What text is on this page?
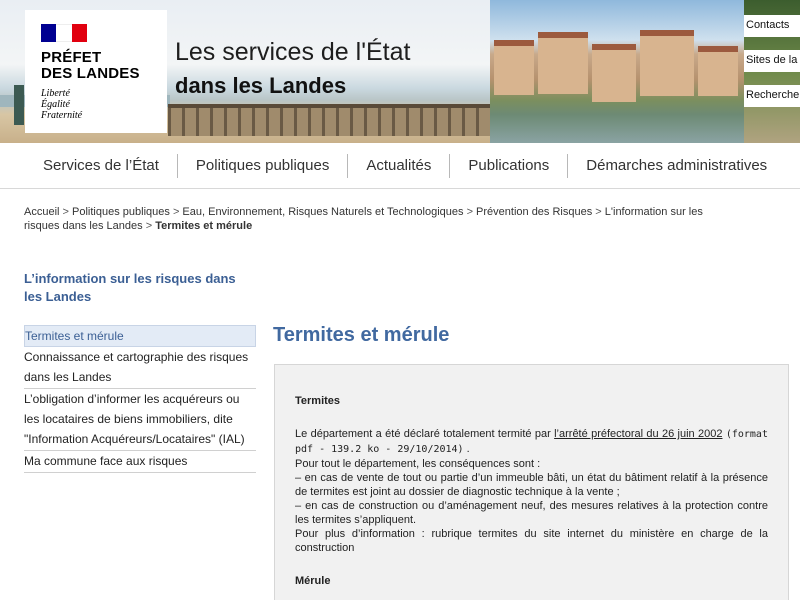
Les services de l'État
dans les Landes
PRÉFET
DES LANDES
Liberté
Égalité
Fraternité
Contacts
Sites de la
Recherche
Services de l’État	Politiques publiques	Actualités	Publications	Démarches administratives
Accueil > Politiques publiques > Eau, Environnement, Risques Naturels et Technologiques > Prévention des Risques > L'information sur les risques dans les Landes > Termites et mérule
L’information sur les risques dans les Landes
Termites et mérule
Connaissance et cartographie des risques dans les Landes
L’obligation d’informer les acquéreurs ou les locataires de biens immobiliers, dite "Information Acquéreurs/Locataires" (IAL)
Ma commune face aux risques
Termites et mérule
Termites

Le département a été déclaré totalement termité par l’arrêté préfectoral du 26 juin 2002 (format pdf - 139.2 ko - 29/10/2014) .

Pour tout le département, les conséquences sont :

– en cas de vente de tout ou partie d’un immeuble bâti, un état du bâtiment relatif à la présence de termites est joint au dossier de diagnostic technique à la vente ;

– en cas de construction ou d’aménagement neuf, des mesures relatives à la protection contre les termites s’appliquent.

Pour plus d’information : rubrique termites du site internet du ministère en charge de la construction

Mérule
